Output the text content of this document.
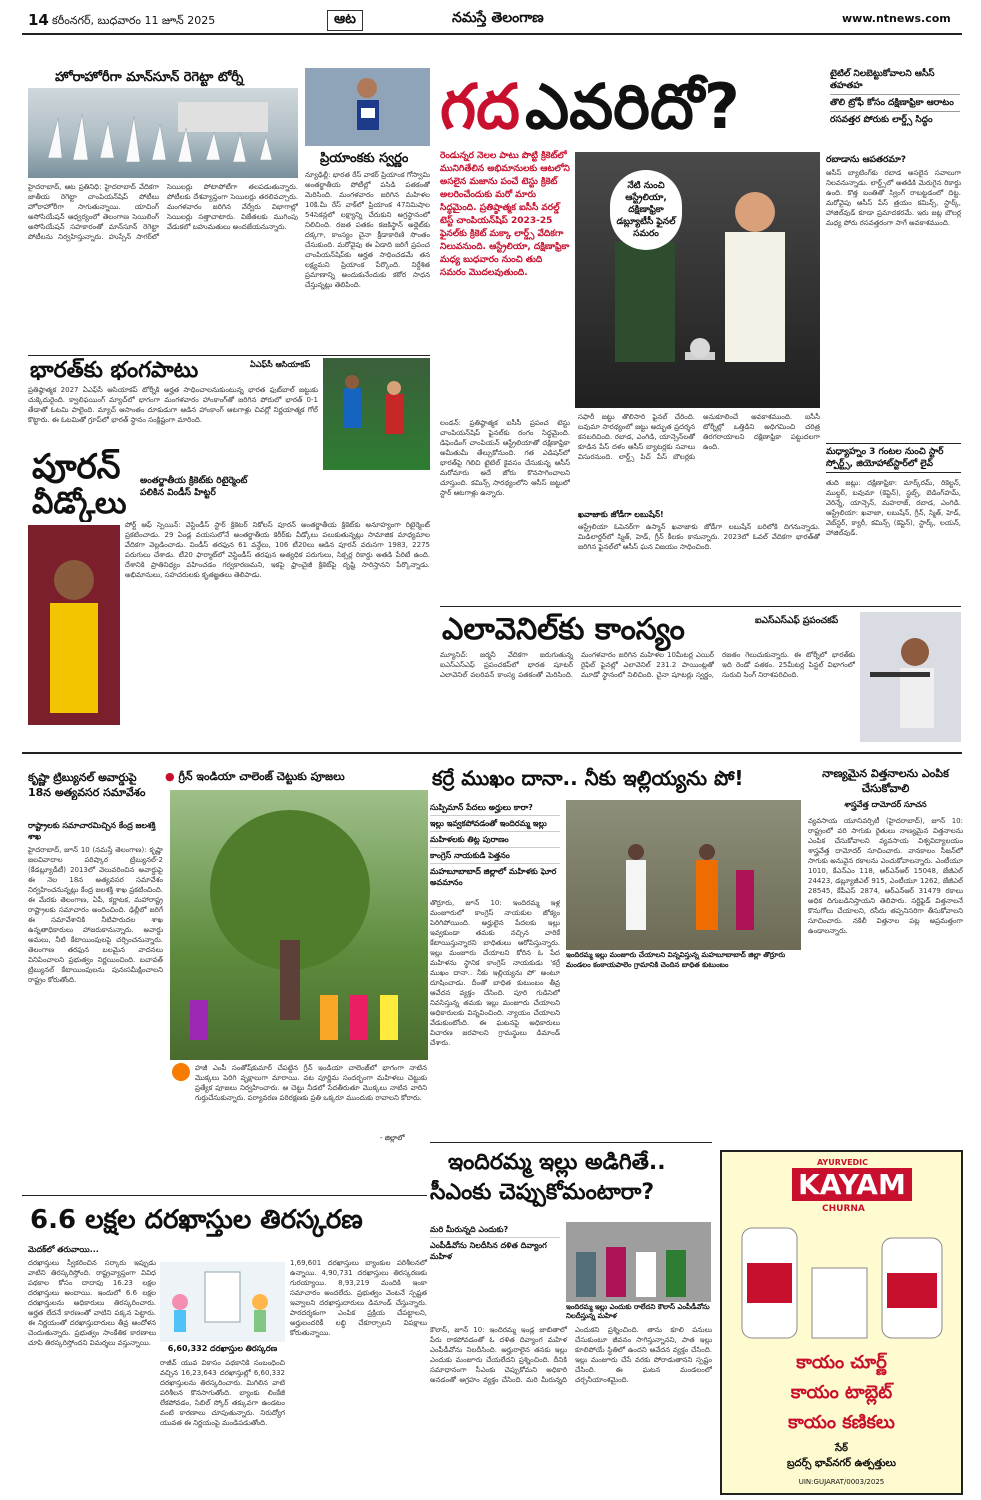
14 కరీంనగర్, బుధవారం 11 జూన్ 2025	ఆట	నమస్తే తెలంగాణ	www.ntnews.com
హోరాహోరీగా మాన్‌సూన్ రెగెట్టా టోర్నీ
హైదరాబాద్, ఆట ప్రతినిధి: హైదరాబాద్ వేదికగా జాతీయ రెగెట్టా చాంపియన్‌షిప్ పోటీలు హోరాహోరీగా సాగుతున్నాయి. యాచింగ్ అసోసియేషన్ ఆధ్వర్యంలో తెలంగాణ సెయిలింగ్ అసోసియేషన్ సహకారంతో మాన్‌సూన్ రెగెట్టా పోటీలను నిర్వహిస్తున్నారు. హుస్సేన్ సాగర్‌లో సెయిలర్లు పోటాపోటీగా తలపడుతున్నారు. పోటీలకు దేశవ్యాప్తంగా సెయిలర్లు తరలివచ్చారు. మంగళవారం జరిగిన వేర్వేరు విభాగాల్లో సెయిలర్లు సత్తాచాటారు. విజేతలకు ముగింపు వేడుకలో బహుమతులు అందజేయనున్నారు.
ప్రియాంకకు స్వర్ణం
న్యూఢిల్లీ: భారత రేస్ వాకర్ ప్రియాంక గోస్వామి అంతర్జాతీయ పోటీల్లో పసిడి పతకంతో మెరిసింది. మంగళవారం జరిగిన మహిళల 10కి.మీ రేస్ వాక్‌లో ప్రియాంక 47నిమిషాల 54సెకన్లలో లక్ష్యాన్ని చేరుకుని అగ్రస్థానంలో నిలిచింది. రజత పతకం కజకిస్థాన్ అథ్లెట్‌కు దక్కగా, కాంస్యం చైనా క్రీడాకారిణి సొంతం చేసుకుంది. మరోవైపు ఈ ఏడాది జరిగే ప్రపంచ చాంపియన్‌షిప్‌కు అర్హత సాధించడమే తన లక్ష్యమని ప్రియాంక పేర్కొంది. నిర్దేశిత ప్రమాణాన్ని అందుకునేందుకు కఠోర సాధన చేస్తున్నట్లు తెలిపింది.
భారత్‌కు భంగపాటు	ఏఎఫ్‌సీ ఆసియాకప్
ప్రతిష్ఠాత్మక 2027 ఏఎఫ్‌సీ ఆసియాకప్ టోర్నీకి అర్హత సాధించాలనుకుంటున్న భారత ఫుట్‌బాల్ జట్టుకు చుక్కెదురైంది. క్వాలిఫయింగ్ మ్యాచ్‌లో భాగంగా మంగళవారం హాంకాంగ్‌తో జరిగిన పోరులో భారత్ 0-1 తేడాతో ఓటమి పాలైంది. మ్యాచ్ ఆసాంతం దూకుడుగా ఆడిన హాంకాంగ్ ఆటగాళ్లు చివర్లో నిర్ణయాత్మక గోల్ కొట్టారు. ఈ ఓటమితో గ్రూప్‌లో భారత్ స్థానం సంక్లిష్టంగా మారింది.
పూరన్
వీడ్కోలు
అంతర్జాతీయ క్రికెట్‌కు రిటైర్మెంట్ పలికిన విండీస్ హిట్టర్
పోర్ట్ ఆఫ్ స్పెయిన్: వెస్టిండీస్ స్టార్ క్రికెటర్ నికోలస్ పూరన్ అంతర్జాతీయ క్రికెట్‌కు అనూహ్యంగా రిటైర్మెంట్ ప్రకటించాడు. 29 ఏండ్ల వయసులోనే అంతర్జాతీయ కెరీర్‌కు వీడ్కోలు పలుకుతున్నట్లు సామాజిక మాధ్యమాల వేదికగా వెల్లడించాడు. విండీస్ తరఫున 61 వన్డేలు, 106 టీ20లు ఆడిన పూరన్ వరుసగా 1983, 2275 పరుగులు చేశాడు. టీ20 ఫార్మాట్‌లో వెస్టిండీస్ తరఫున అత్యధిక పరుగులు, సిక్సర్ల రికార్డు అతడి పేరిటే ఉంది. దేశానికి ప్రాతినిధ్యం వహించడం గర్వకారణమని, ఇకపై ఫ్రాంచైజీ క్రికెట్‌పై దృష్టి సారిస్తానని పేర్కొన్నాడు. అభిమానులు, సహచరులకు కృతజ్ఞతలు తెలిపాడు.
గద ఎవరిదో?	టైటిల్ నిలబెట్టుకోవాలని ఆసీస్ తహతహ
తొలి ట్రోఫీ కోసం దక్షిణాఫ్రికా ఆరాటం
రసవత్తర పోరుకు లార్డ్స్ సిద్ధం
రెండున్నర నెలల పాటు పొట్టి క్రికెట్‌లో మునిగితేలిన అభిమానులకు ఆటలోని అసలైన మజాను పంచే టెస్టు క్రికెట్ అలరించేందుకు మరో మారు సిద్ధమైంది. ప్రతిష్ఠాత్మక ఐసీసీ వరల్డ్ టెస్ట్ చాంపియన్‌షిప్ 2023-25 ఫైనల్‌కు క్రికెట్ మక్కా లార్డ్స్ వేదికగా నిలువనుంది. ఆస్ట్రేలియా, దక్షిణాఫ్రికా మధ్య బుధవారం నుంచి తుది సమరం మొదలవుతుంది.
నేటి నుంచి ఆస్ట్రేలియా, దక్షిణాఫ్రికా డబ్ల్యూటీసీ ఫైనల్ సమరం
రబాడాను ఆపతరమా?
ఆసీస్ బ్యాటింగ్‌కు రబాడ అసలైన సవాలుగా నిలవనున్నాడు. లార్డ్స్‌లో అతడికి మెరుగైన రికార్డు ఉంది. కొత్త బంతితో స్వింగ్ రాబట్టడంలో దిట్ట. మరోవైపు ఆసీస్ పేస్ త్రయం కమిన్స్, స్టార్క్, హాజిల్‌వుడ్ కూడా ప్రమాదకరమే. ఇరు జట్ల బౌలర్ల మధ్య పోరు రసవత్తరంగా సాగే అవకాశముంది.
లండన్: ప్రతిష్ఠాత్మక ఐసీసీ ప్రపంచ టెస్టు చాంపియన్‌షిప్ ఫైనల్‌కు రంగం సిద్ధమైంది. డిఫెండింగ్ చాంపియన్ ఆస్ట్రేలియాతో దక్షిణాఫ్రికా అమీతుమీ తేల్చుకోనుంది. గత ఎడిషన్‌లో భారత్‌పై గెలిచి టైటిల్ కైవసం చేసుకున్న ఆసీస్ మరోమారు అదే జోరు కొనసాగించాలని చూస్తుంది. కమిన్స్ సారథ్యంలోని ఆసీస్ జట్టులో స్టార్ ఆటగాళ్లు ఉన్నారు.
సఫారీ జట్టు తొలిసారి ఫైనల్ చేరింది. బవుమా సారథ్యంలో జట్టు అద్భుత ప్రదర్శన కనబరిచింది. రబాడ, ఎంగిడి, యాన్సెన్‌లతో కూడిన పేస్ దళం ఆసీస్ బ్యాటర్లకు సవాలు విసురనుంది. లార్డ్స్ పిచ్ పేస్ బౌలర్లకు అనుకూలించే అవకాశముంది. ఐసీసీ టోర్నీల్లో ఒత్తిడిని అధిగమించి చరిత్ర తిరగరాయాలని దక్షిణాఫ్రికా పట్టుదలగా ఉంది.	మధ్యాహ్నం 3 గంటల నుంచి స్టార్ స్పోర్ట్స్, జియోహాట్‌స్టార్‌లో లైవ్
తుది జట్లు: దక్షిణాఫ్రికా: మార్క్‌రమ్, రికెల్టన్, ముల్డర్, బవుమా (కెప్టెన్), స్టబ్స్, బెడింగ్‌హమ్, వెరిన్నే, యాన్సెన్, మహరాజ్, రబాడ, ఎంగిడి. ఆస్ట్రేలియా: ఖవాజా, లబుషేన్, గ్రీన్, స్మిత్, హెడ్, వెబ్‌స్టర్, క్యారీ, కమిన్స్ (కెప్టెన్), స్టార్క్, లయన్, హాజిల్‌వుడ్.
ఖవాజాకు జోడీగా లబుషేన్!
ఆస్ట్రేలియా ఓపెనర్‌గా ఉస్మాన్ ఖవాజాకు జోడీగా లబుషేన్ బరిలోకి దిగనున్నాడు. మిడిలార్డర్‌లో స్మిత్, హెడ్, గ్రీన్ కీలకం కానున్నారు. 2023లో ఓవల్ వేదికగా భారత్‌తో జరిగిన ఫైనల్‌లో ఆసీస్ ఘన విజయం సాధించింది.
ఎలావెనిల్‌కు కాంస్యం	ఐఎస్ఎస్ఎఫ్ ప్రపంచకప్
మ్యూనిచ్: జర్మనీ వేదికగా జరుగుతున్న ఐఎస్ఎస్ఎఫ్ ప్రపంచకప్‌లో భారత షూటర్ ఎలావెనిల్ వలరివన్ కాంస్య పతకంతో మెరిసింది. మంగళవారం జరిగిన మహిళల 10మీటర్ల ఎయిర్ రైఫిల్ ఫైనల్లో ఎలావెనిల్ 231.2 పాయింట్లతో మూడో స్థానంలో నిలిచింది. చైనా షూటర్లు స్వర్ణం, రజతం గెలుచుకున్నారు. ఈ టోర్నీలో భారత్‌కు ఇది రెండో పతకం. 25మీటర్ల పిస్టల్ విభాగంలో సురుచి సింగ్ నిరాశపరిచింది.
కృష్ణా ట్రిబ్యునల్ అవార్డుపై 18న అత్యవసర సమావేశం
రాష్ట్రాలకు సమాచారమిచ్చిన కేంద్ర జలశక్తి శాఖ
హైదరాబాద్, జూన్ 10 (నమస్తే తెలంగాణ): కృష్ణా జలవివాదాల పరిష్కార ట్రిబ్యునల్-2 (కేడబ్ల్యూడీటీ) 2013లో వెలువరించిన అవార్డుపై ఈ నెల 18న అత్యవసర సమావేశం నిర్వహించనున్నట్లు కేంద్ర జలశక్తి శాఖ ప్రకటించింది. ఈ మేరకు తెలంగాణ, ఏపీ, కర్ణాటక, మహారాష్ట్ర రాష్ట్రాలకు సమాచారం అందించింది. ఢిల్లీలో జరిగే ఈ సమావేశానికి నీటిపారుదల శాఖ ఉన్నతాధికారులు హాజరుకానున్నారు. అవార్డు అమలు, నీటి కేటాయింపులపై చర్చించనున్నారు. తెలంగాణ తరఫున బలమైన వాదనలు వినిపించాలని ప్రభుత్వం నిర్ణయించింది. బచావత్ ట్రిబ్యునల్ కేటాయింపులను పునఃసమీక్షించాలని రాష్ట్రం కోరుతోంది.
● గ్రీన్ ఇండియా చాలెంజ్ చెట్టుకు పూజలు
హజీ ఎంపీ సంతోష్‌కుమార్ చేపట్టిన గ్రీన్ ఇండియా చాలెంజ్‌లో భాగంగా నాటిన మొక్కలు పెరిగి వృక్షాలుగా మారాయి. వట పూర్ణిమ సందర్భంగా మహిళలు చెట్టుకు ప్రత్యేక పూజలు నిర్వహించారు. ఆ చెట్టు నీడలో సేదతీరుతూ మొక్కలు నాటిన వారిని గుర్తుచేసుకున్నారు. పర్యావరణ పరిరక్షణకు ప్రతి ఒక్కరూ ముందుకు రావాలని కోరారు.
- జిల్లాలో
కర్రే ముఖం దానా.. నీకు ఇల్లియ్యను పో!
సుప్పిమాన్ పేదలు అర్హులు కారా?
ఇల్లు ఇవ్వకపోవడంతో ఇందిరమ్మ ఇల్లు
మహిళలకు తిట్ల పురాణం
కాంగ్రెస్ నాయకుడి పెత్తనం
మహబూబాబాద్ జిల్లాలో మహిళకు ఘోర అవమానం
ఇందిరమ్మ ఇల్లు మంజూరు చేయాలని విన్నవిస్తున్న మహబూబాబాద్ జిల్లా తొర్రూరు మండలం కంఠాయపాలెం గ్రామానికి చెందిన బాధిత కుటుంబం
తొర్రూరు, జూన్ 10: ఇందిరమ్మ ఇళ్ల మంజూరులో కాంగ్రెస్ నాయకుల జోక్యం పెరిగిపోయింది. అర్హులైన పేదలకు ఇల్లు ఇవ్వకుండా తమకు నచ్చిన వారికే కేటాయిస్తున్నారని బాధితులు ఆరోపిస్తున్నారు. ఇల్లు మంజూరు చేయాలని కోరిన ఓ పేద మహిళను స్థానిక కాంగ్రెస్ నాయకుడు 'కర్రే ముఖం దానా.. నీకు ఇల్లియ్యను పో' అంటూ దూషించాడు. దీంతో బాధిత కుటుంబం తీవ్ర ఆవేదన వ్యక్తం చేసింది. పూరి గుడిసెలో నివసిస్తున్న తమకు ఇల్లు మంజూరు చేయాలని అధికారులకు విన్నవించింది. న్యాయం చేయాలని వేడుకుంటోంది. ఈ ఘటనపై అధికారులు విచారణ జరపాలని గ్రామస్థులు డిమాండ్ చేశారు.
నాణ్యమైన విత్తనాలను ఎంపిక చేసుకోవాలి
శాస్త్రవేత్త దామోదర్ సూచన
వ్యవసాయ యూనివర్సిటీ (హైదరాబాద్), జూన్ 10: రాష్ట్రంలో వరి సాగుకు రైతులు నాణ్యమైన విత్తనాలను ఎంపిక చేసుకోవాలని వ్యవసాయ విశ్వవిద్యాలయం శాస్త్రవేత్త దామోదర్ సూచించారు. వానకాలం సీజన్‌లో సాగుకు అనువైన రకాలను ఎంచుకోవాలన్నారు. ఎంటీయూ 1010, కేఎన్ఎం 118, ఆర్ఎన్ఆర్ 15048, జేజీఎల్ 24423, డబ్ల్యూజీఎల్ 915, ఎంటీయూ 1262, జేజీఎల్ 28545, కేపీఎస్ 2874, ఆర్ఎన్ఆర్ 31479 రకాలు అధిక దిగుబడినిస్తాయని తెలిపారు. సర్టిఫైడ్ విత్తనాలనే కొనుగోలు చేయాలని, రసీదు తప్పనిసరిగా తీసుకోవాలని సూచించారు. నకిలీ విత్తనాల పట్ల అప్రమత్తంగా ఉండాలన్నారు.
ఇందిరమ్మ ఇల్లు అడిగితే..
సీఎంకు చెప్పుకోమంటారా?
మరి మీరున్నది ఎందుకు?
ఎంపీడీవోను నిలదీసిన దళిత దివ్యాంగ మహిళ
ఇందిరమ్మ ఇల్లు ఎందుకు రాలేదని కౌలాస్ ఎంపీడీవోను నిలదీస్తున్న మహిళ
కౌలాస్, జూన్ 10: ఇందిరమ్మ ఇండ్ల జాబితాలో పేరు రాకపోవడంతో ఓ దళిత దివ్యాంగ మహిళ ఎంపీడీవోను నిలదీసింది. అర్హురాలైన తనకు ఇల్లు ఎందుకు మంజూరు చేయలేదని ప్రశ్నించింది. దీనికి సమాధానంగా సీఎంకు చెప్పుకోమని అధికారి అనడంతో ఆగ్రహం వ్యక్తం చేసింది. మరి మీరున్నది ఎందుకని ప్రశ్నించింది. తాను కూలి పనులు చేసుకుంటూ జీవనం సాగిస్తున్నానని, పాత ఇల్లు కూలిపోయే స్థితిలో ఉందని ఆవేదన వ్యక్తం చేసింది. ఇల్లు మంజూరు చేసే వరకు పోరాడుతానని స్పష్టం చేసింది. ఈ ఘటన మండలంలో చర్చనీయాంశమైంది.
AYURVEDIC
KAYAM
CHURNA
కాయం చూర్ణ్
కాయం టాబ్లెట్
కాయం కణికలు
సేఠ్
బ్రదర్స్ భావ్‌నగర్ ఉత్పత్తులు
UIN:GUJARAT/0003/2025
6.6 లక్షల దరఖాస్తుల తిరస్కరణ
మెదక్‌లో తరువాయి...
దరఖాస్తులు స్వీకరించిన సర్కారు ఇప్పుడు వాటిని తిరస్కరిస్తోంది. రాష్ట్రవ్యాప్తంగా వివిధ పథకాల కోసం దాదాపు 16.23 లక్షల దరఖాస్తులు అందాయి. ఇందులో 6.6 లక్షల దరఖాస్తులను అధికారులు తిరస్కరించారు. అర్హత లేదనే కారణంతో వాటిని పక్కన పెట్టారు. ఈ నిర్ణయంతో దరఖాస్తుదారులు తీవ్ర ఆందోళన చెందుతున్నారు. ప్రభుత్వం సాంకేతిక కారణాలు చూపి తిరస్కరిస్తోందని విమర్శలు వస్తున్నాయి.
6,60,332 దరఖాస్తుల తిరస్కరణ
రాజీవ్ యువ వికాసం పథకానికి సంబంధించి వచ్చిన 16,23,643 దరఖాస్తుల్లో 6,60,332 దరఖాస్తులను తిరస్కరించారు. మిగిలిన వాటి పరిశీలన కొనసాగుతోంది. బ్యాంకు లింకేజీ లేకపోవడం, సిబిల్ స్కోర్ తక్కువగా ఉండటం వంటి కారణాలు చూపుతున్నారు. నిరుద్యోగ యువత ఈ నిర్ణయంపై మండిపడుతోంది.
1,69,601 దరఖాస్తులు బ్యాంకుల పరిశీలనలో ఉన్నాయి. 4,90,731 దరఖాస్తులు తిరస్కరణకు గురయ్యాయి. 8,93,219 మందికి ఇంకా సమాచారం అందలేదు. ప్రభుత్వం వెంటనే స్పష్టత ఇవ్వాలని దరఖాస్తుదారులు డిమాండ్ చేస్తున్నారు. పారదర్శకంగా ఎంపిక ప్రక్రియ చేపట్టాలని, అర్హులందరికీ లబ్ధి చేకూర్చాలని విపక్షాలు కోరుతున్నాయి.
